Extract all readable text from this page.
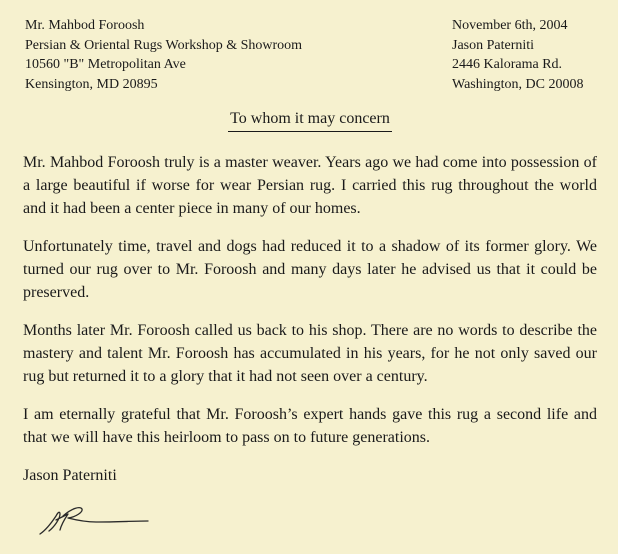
Mr. Mahbod Foroosh
Persian & Oriental Rugs Workshop & Showroom
10560 "B" Metropolitan Ave
Kensington, MD 20895
November 6th, 2004
Jason Paterniti
2446 Kalorama Rd.
Washington, DC 20008
To whom it may concern

Mr. Mahbod Foroosh truly is a master weaver. Years ago we had come into possession of a large beautiful if worse for wear Persian rug. I carried this rug throughout the world and it had been a center piece in many of our homes.

Unfortunately time, travel and dogs had reduced it to a shadow of its former glory. We turned our rug over to Mr. Foroosh and many days later he advised us that it could be preserved.

Months later Mr. Foroosh called us back to his shop. There are no words to describe the mastery and talent Mr. Foroosh has accumulated in his years, for he not only saved our rug but returned it to a glory that it had not seen over a century.

I am eternally grateful that Mr. Foroosh’s expert hands gave this rug a second life and that we will have this heirloom to pass on to future generations.

Jason Paterniti
